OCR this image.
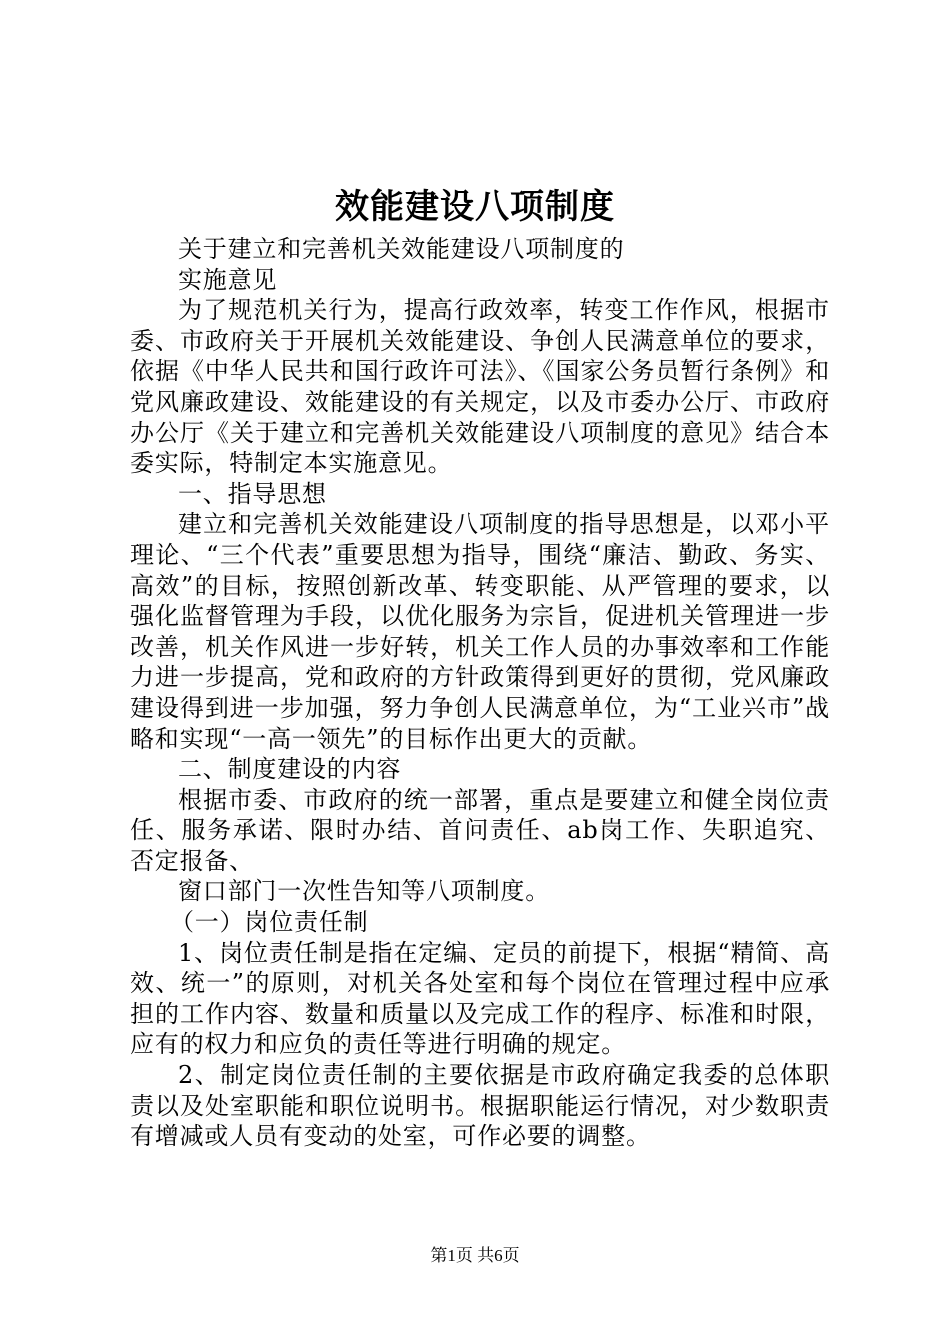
效能建设八项制度

关于建立和完善机关效能建设八项制度的

实施意见

为了规范机关行为，提高行政效率，转变工作作风，根据市委、市政府关于开展机关效能建设、争创人民满意单位的要求，依据《中华人民共和国行政许可法》、《国家公务员暂行条例》和党风廉政建设、效能建设的有关规定，以及市委办公厅、市政府办公厅《关于建立和完善机关效能建设八项制度的意见》结合本委实际，特制定本实施意见。

一、指导思想

建立和完善机关效能建设八项制度的指导思想是，以邓小平理论、“三个代表”重要思想为指导，围绕“廉洁、勤政、务实、高效”的目标，按照创新改革、转变职能、从严管理的要求，以强化监督管理为手段，以优化服务为宗旨，促进机关管理进一步改善，机关作风进一步好转，机关工作人员的办事效率和工作能力进一步提高，党和政府的方针政策得到更好的贯彻，党风廉政建设得到进一步加强，努力争创人民满意单位，为“工业兴市”战略和实现“一高一领先”的目标作出更大的贡献。

二、制度建设的内容

根据市委、市政府的统一部署，重点是要建立和健全岗位责任、服务承诺、限时办结、首问责任、ab岗工作、失职追究、否定报备、

窗口部门一次性告知等八项制度。

（一）岗位责任制

1、岗位责任制是指在定编、定员的前提下，根据“精简、高效、统一”的原则，对机关各处室和每个岗位在管理过程中应承担的工作内容、数量和质量以及完成工作的程序、标准和时限，应有的权力和应负的责任等进行明确的规定。

2、制定岗位责任制的主要依据是市政府确定我委的总体职责以及处室职能和职位说明书。根据职能运行情况，对少数职责有增减或人员有变动的处室，可作必要的调整。

第1页 共6页
